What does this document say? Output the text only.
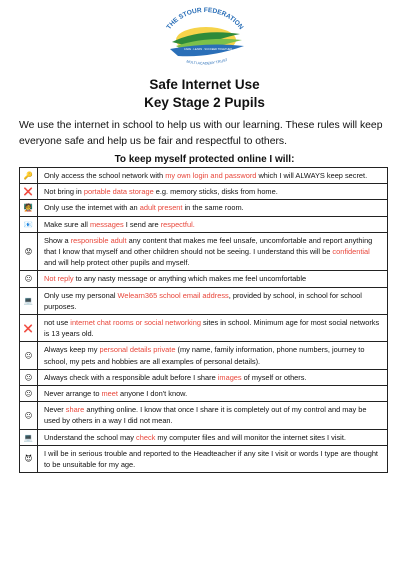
THE STOUR FEDERATION
CARE · LEARN · SUCCEED TOGETHER
MULTI ACADEMY TRUST
Safe Internet Use
Key Stage 2 Pupils

We use the internet in school to help us with our learning. These rules will keep everyone safe and help us be fair and respectful to others.

To keep myself protected online I will:
🔑	Only access the school network with my own login and password which I will ALWAYS keep secret.
❌	Not bring in portable data storage e.g. memory sticks, disks from home.
🧑‍🏫	Only use the internet with an adult present in the same room.
📧	Make sure all messages I send are respectful.
😟	Show a responsible adult any content that makes me feel unsafe, uncomfortable and report anything that I know that myself and other children should not be seeing. I understand this will be confidential and will help protect other pupils and myself.
😐	Not reply to any nasty message or anything which makes me feel uncomfortable
💻	Only use my personal Welearn365 school email address, provided by school, in school for school purposes.
❌	not use internet chat rooms or social networking sites in school. Minimum age for most social networks is 13 years old.
😐	Always keep my personal details private (my name, family information, phone numbers, journey to school, my pets and hobbies are all examples of personal details).
😐	Always check with a responsible adult before I share images of myself or others.
😐	Never arrange to meet anyone I don't know.
😐	Never share anything online. I know that once I share it is completely out of my control and may be used by others in a way I did not mean.
💻	Understand the school may check my computer files and will monitor the internet sites I visit.
😈	I will be in serious trouble and reported to the Headteacher if any site I visit or words I type are thought to be unsuitable for my age.
